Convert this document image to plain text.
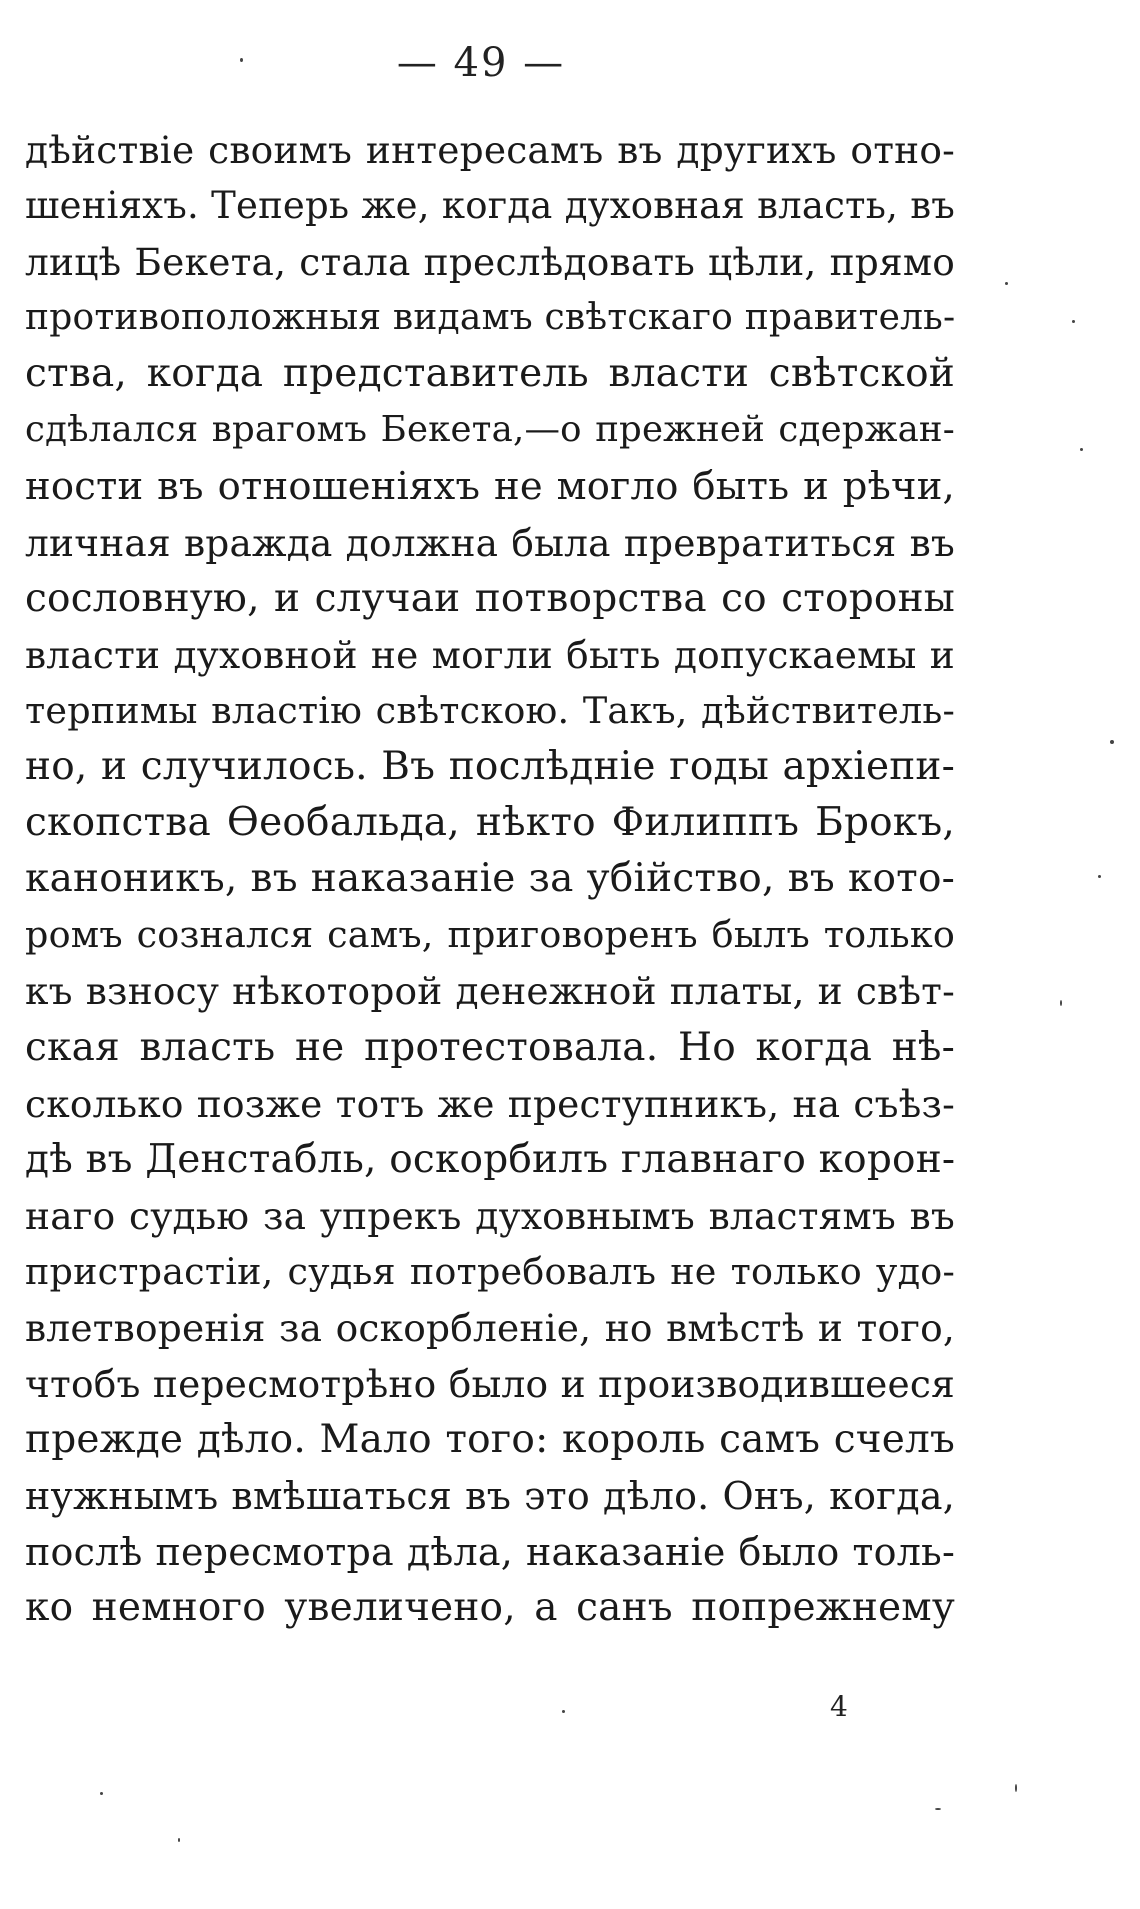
— 49 —
дѣйствіе своимъ интересамъ въ другихъ отно-
шеніяхъ. Теперь же, когда духовная власть, въ
лицѣ Бекета, стала преслѣдовать цѣли, прямо
противоположныя видамъ свѣтскаго правитель-
ства, когда представитель власти свѣтской
сдѣлался врагомъ Бекета,—о прежней сдержан-
ности въ отношеніяхъ не могло быть и рѣчи,
личная вражда должна была превратиться въ
сословную, и случаи потворства со стороны
власти духовной не могли быть допускаемы и
терпимы властію свѣтскою. Такъ, дѣйствитель-
но, и случилось. Въ послѣдніе годы архіепи-
скопства Ѳеобальда, нѣкто Филиппъ Брокъ,
каноникъ, въ наказаніе за убійство, въ кото-
ромъ сознался самъ, приговоренъ былъ только
къ взносу нѣкоторой денежной платы, и свѣт-
ская власть не протестовала. Но когда нѣ-
сколько позже тотъ же преступникъ, на съѣз-
дѣ въ Денстабль, оскорбилъ главнаго корон-
наго судью за упрекъ духовнымъ властямъ въ
пристрастіи, судья потребовалъ не только удо-
влетворенія за оскорбленіе, но вмѣстѣ и того,
чтобъ пересмотрѣно было и производившееся
прежде дѣло. Мало того: король самъ счелъ
нужнымъ вмѣшаться въ это дѣло. Онъ, когда,
послѣ пересмотра дѣла, наказаніе было толь-
ко немного увеличено, а санъ попрежнему
4
